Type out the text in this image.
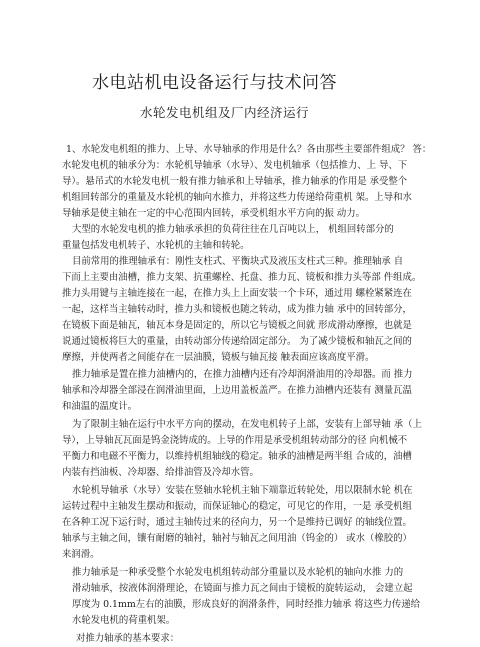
水电站机电设备运行与技术问答
水轮发电机组及厂内经济运行
1、水轮发电机组的推力、上导、水导轴承的作用是什么？各由那些主要部件组成？ 答：
水轮发电机的轴承分为：水轮机导轴承（水导）、发电机轴承（包括推力、上 导、下
导）。悬吊式的水轮发电机一般有推力轴承和上导轴承，推力轴承的作用是 承受整个
机组回转部分的重量及水轮机的轴向水推力，并将这些力传递给荷重机 架。上导和水
导轴承是使主轴在一定的中心范围内回转，承受机组水平方向的振 动力。
大型的水轮发电机的推力轴承承担的负荷往往在几百吨以上， 机组回转部分的
重量包括发电机转子、水轮机的主轴和转轮。
目前常用的推理轴承有：刚性支柱式、平衡块式及液压支柱式三种。推理轴承 自
下而上主要由油槽，推力支架、抗重螺栓、托盘、推力瓦、镜板和推力头等部 件组成。
推力头用键与主轴连接在一起，在推力头上上面安装一个卡环，通过用 螺栓紧紧连在
一起，这样当主轴转动时，推力头和镜板也随之转动，成为推力轴 承中的回转部分，
在镜板下面是轴瓦，轴瓦本身是固定的，所以它与镜板之间就 形成滑动摩擦，也就是
说通过镜板将巨大的重量，由转动部分传递给固定部分。 为了减少镜板和轴瓦之间的
摩擦，并使两者之间能存在一层油膜，镜板与轴瓦接 触表面应该高度平滑。
推力轴承是置在推力油槽内的，在推力油槽内还有冷却润滑油用的冷却器。而 推力
轴承和冷却器全部浸在润滑油里面，上边用盖板盖严。在推力油槽内还装有 测量瓦温
和油温的温度计。
为了限制主轴在运行中水平方向的摆动，在发电机转子上部，安装有上部导轴 承（上
导），上导轴瓦瓦面是钨金浇铸成的。上导的作用是承受机组转动部分的径 向机械不
平衡力和电磁不平衡力，以维持机组轴线的稳定。轴承的油槽是两半组 合成的，油槽
内装有挡油板、冷却器、给排油管及冷却水管。
水轮机导轴承（水导）安装在竖轴水轮机主轴下端靠近转轮处，用以限制水轮 机在
运转过程中主轴发生摆动和振动，而保证轴心的稳定，可见它的作用，一是 承受机组
在各种工况下运行时，通过主轴传过来的径向力，另一个是维持已调好 的轴线位置。
轴承与主轴之间，镶有耐磨的轴衬，轴衬与轴瓦之间用油（钨金的） 或水（橡胶的）
来润滑。
推力轴承是一种承受整个水轮发电机组转动部分重量以及水轮机的轴向水推 力的
滑动轴承，按液体润滑理论，在镜面与推力瓦之间由于镜板的旋转运动， 会建立起
厚度为 0.1mm左右的油膜，形成良好的润滑条件，同时经推力轴承 将这些力传递给
水轮发电机的荷重机架。
对推力轴承的基本要求：
